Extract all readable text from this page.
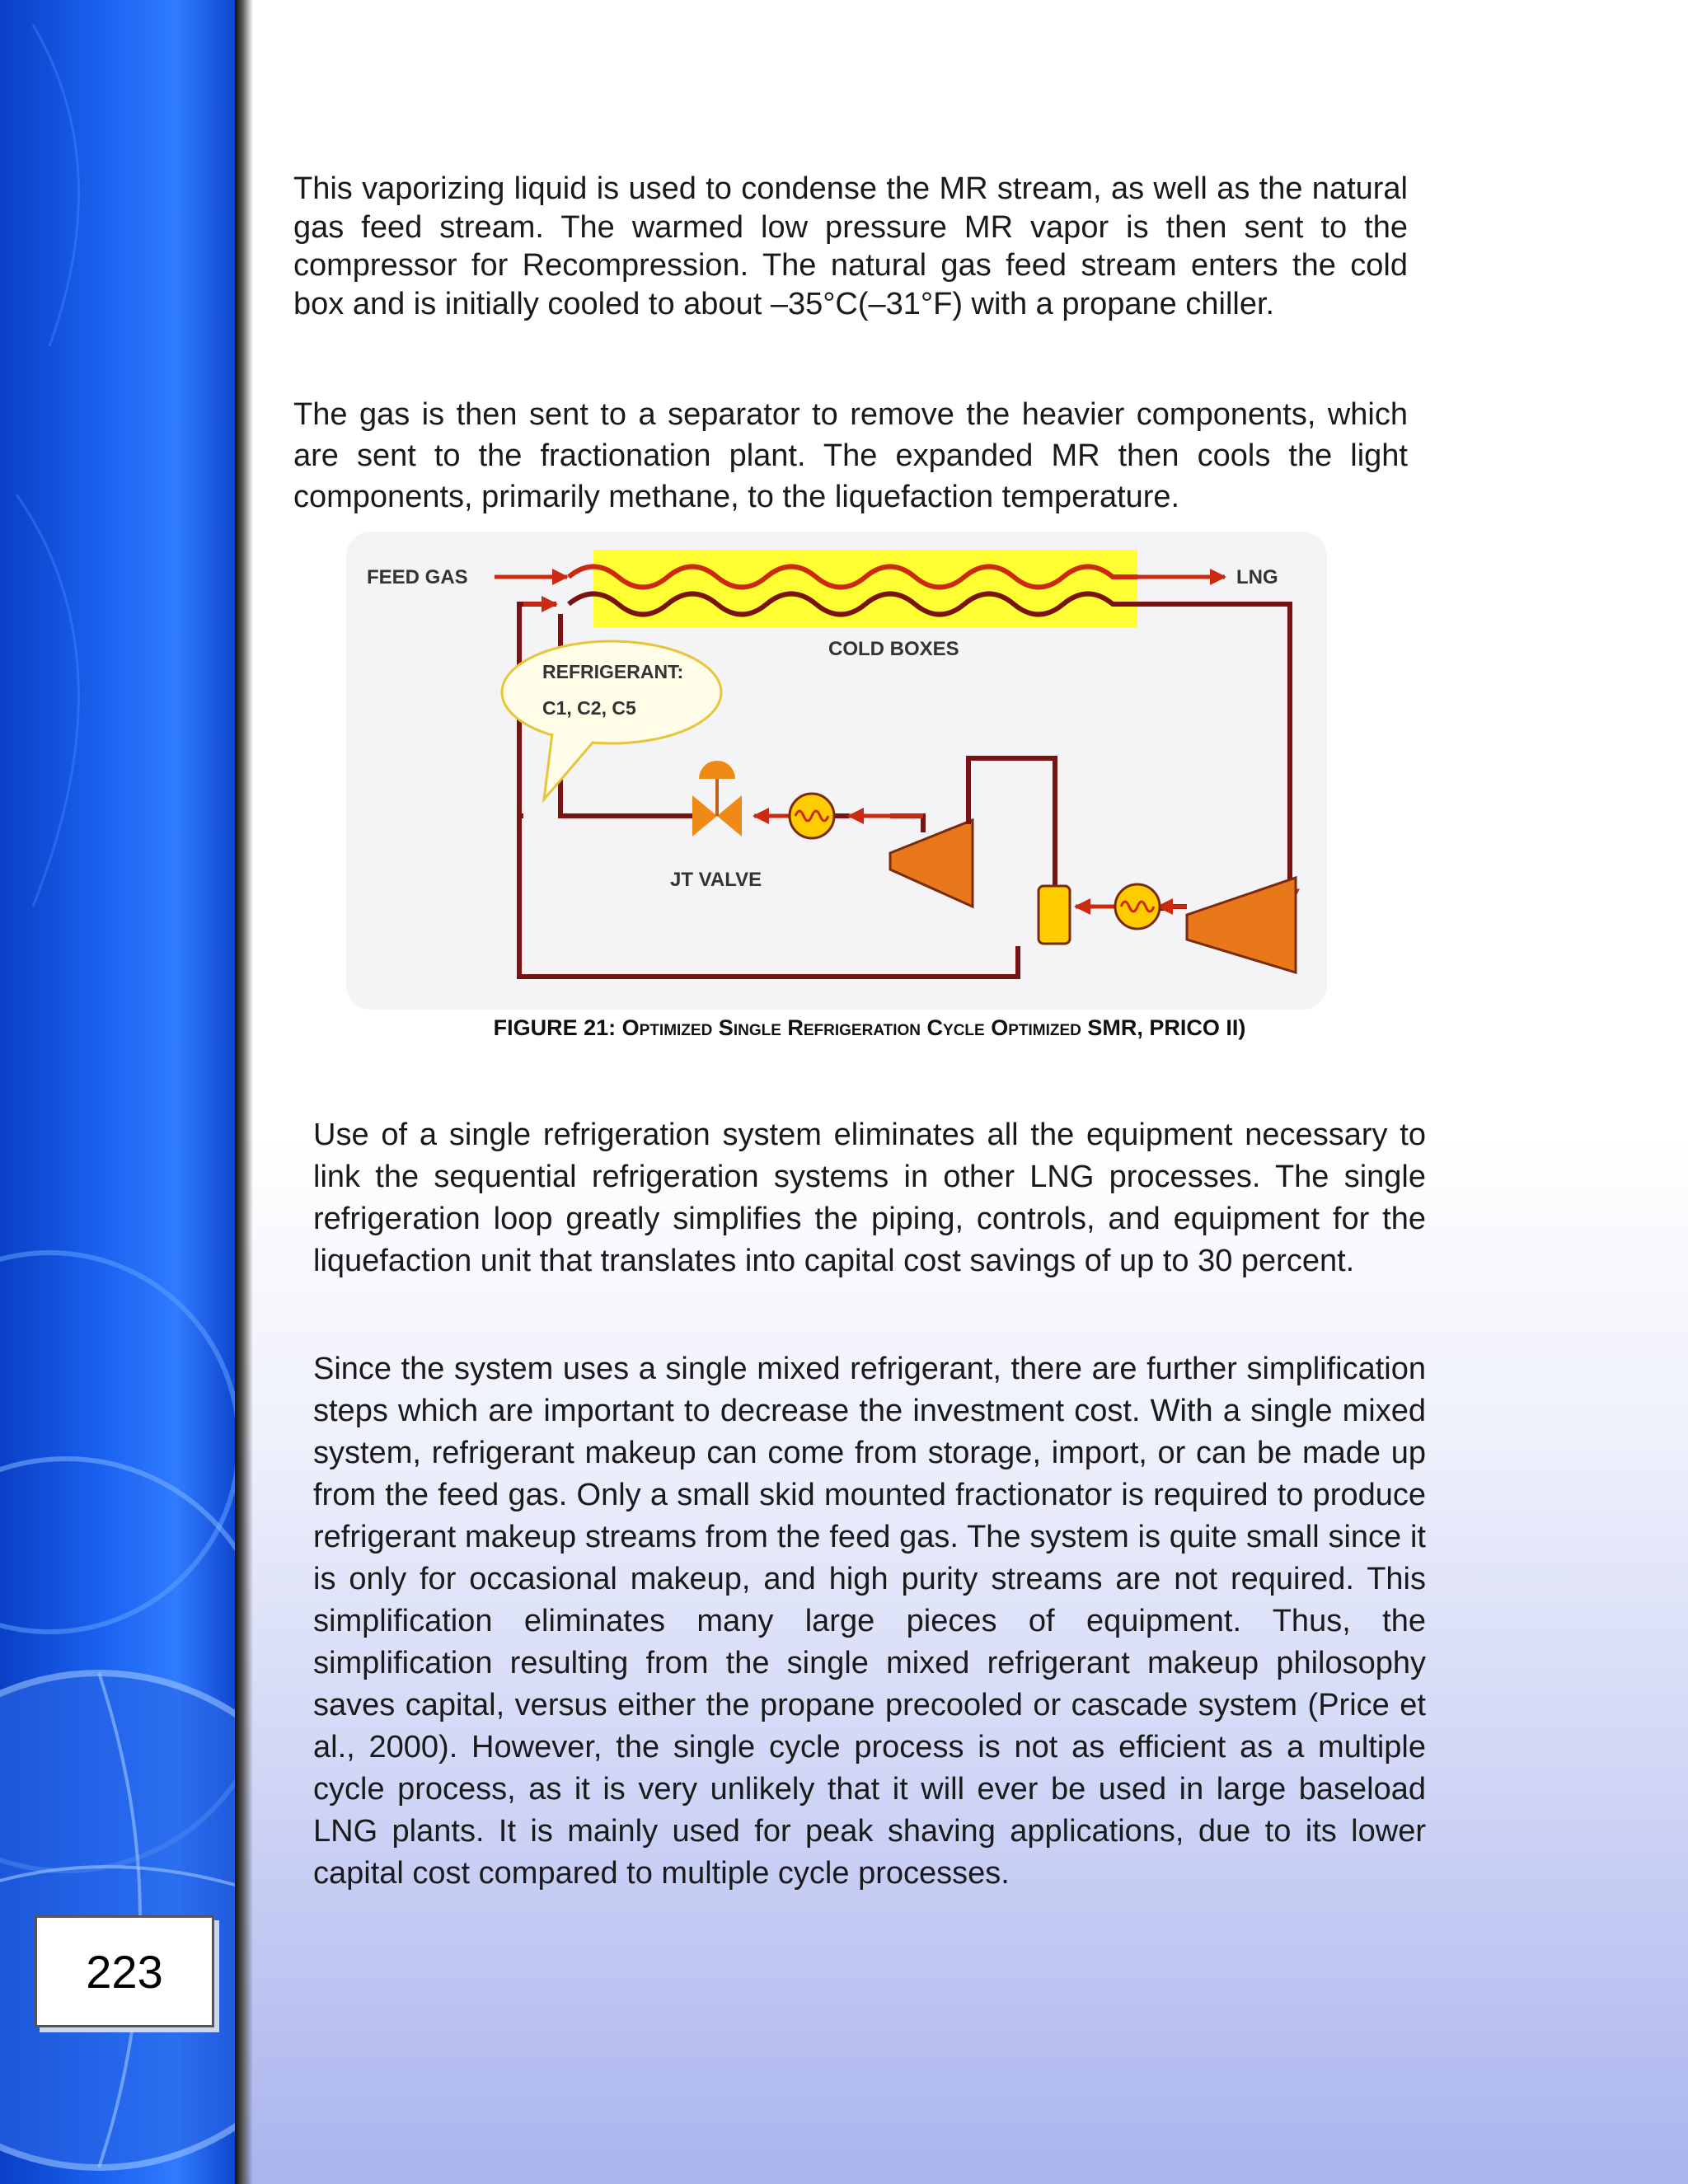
This vaporizing liquid is used to condense the MR stream, as well as the natural gas feed stream. The warmed low pressure MR vapor is then sent to the compressor for Recompression. The natural gas feed stream enters the cold box and is initially cooled to about –35°C(–31°F) with a propane chiller.

The gas is then sent to a separator to remove the heavier components, which are sent to the fractionation plant. The expanded MR then cools the light components, primarily methane, to the liquefaction temperature.

FEED GAS	LNG
COLD BOXES
REFRIGERANT:
C1, C2, C5
JT VALVE
FIGURE 21: Optimized Single Refrigeration Cycle Optimized SMR, PRICO II)

Use of a single refrigeration system eliminates all the equipment necessary to link the sequential refrigeration systems in other LNG processes. The single refrigeration loop greatly simplifies the piping, controls, and equipment for the liquefaction unit that translates into capital cost savings of up to 30 percent.

Since the system uses a single mixed refrigerant, there are further simplification steps which are important to decrease the investment cost. With a single mixed system, refrigerant makeup can come from storage, import, or can be made up from the feed gas. Only a small skid mounted fractionator is required to produce refrigerant makeup streams from the feed gas. The system is quite small since it is only for occasional makeup, and high purity streams are not required. This simplification eliminates many large pieces of equipment. Thus, the simplification resulting from the single mixed refrigerant makeup philosophy saves capital, versus either the propane precooled or cascade system (Price et al., 2000). However, the single cycle process is not as efficient as a multiple cycle process, as it is very unlikely that it will ever be used in large baseload LNG plants. It is mainly used for peak shaving applications, due to its lower capital cost compared to multiple cycle processes.

223
